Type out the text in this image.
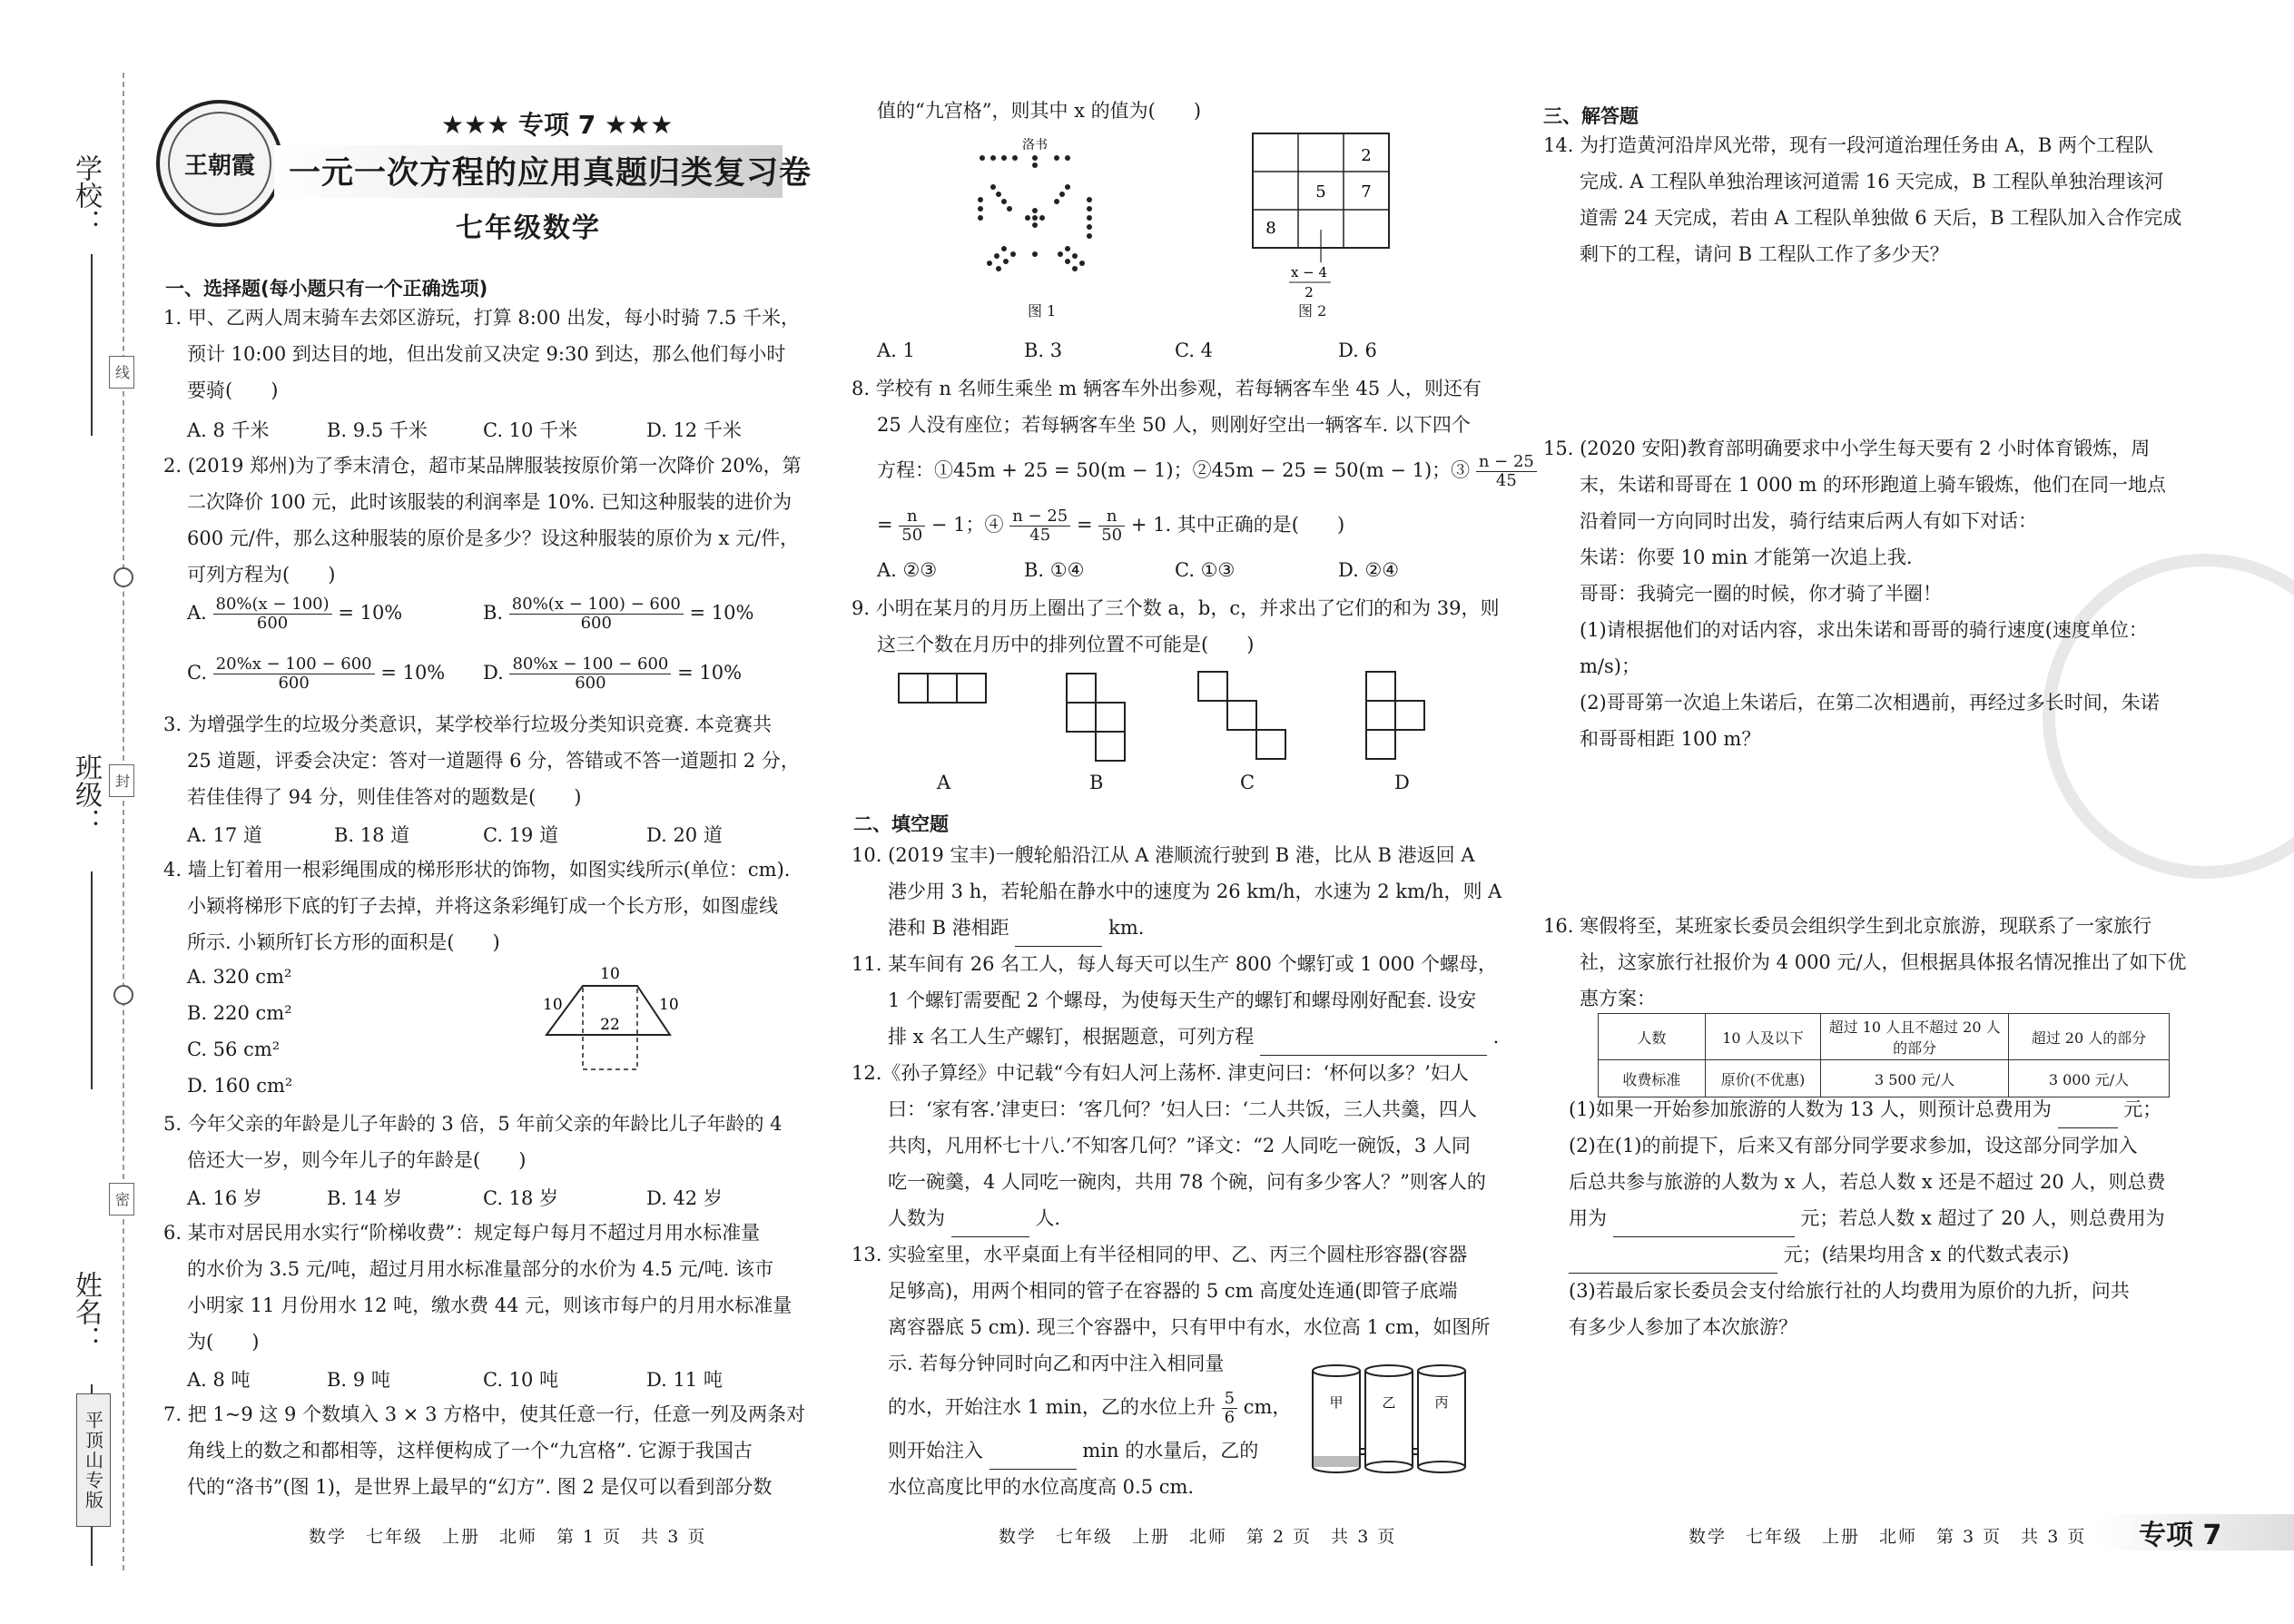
学校：
班级：
姓名：
线
封
密
平顶山专版
王朝霞
★★★ 专项 7 ★★★
一元一次方程的应用真题归类复习卷
七年级数学
一、选择题(每小题只有一个正确选项)
1. 甲、乙两人周末骑车去郊区游玩，打算 8:00 出发，每小时骑 7.5 千米，
预计 10:00 到达目的地，但出发前又决定 9:30 到达，那么他们每小时
要骑(　　)
A. 8 千米	B. 9.5 千米	C. 10 千米	D. 12 千米
2. (2019 郑州)为了季末清仓，超市某品牌服装按原价第一次降价 20%，第
二次降价 100 元，此时该服装的利润率是 10%. 已知这种服装的进价为
600 元/件，那么这种服装的原价是多少？设这种服装的原价为 x 元/件，
可列方程为(　　)
A. $\frac{80\%(x - 100)}{600} = 10\%$	B. $\frac{80\%(x - 100) - 600}{600} = 10\%$
C. $\frac{20\%x - 100 - 600}{600} = 10\%$ D. $\frac{80\%x - 100 - 600}{600} = 10\%$
3. 为增强学生的垃圾分类意识，某学校举行垃圾分类知识竞赛. 本竞赛共
25 道题，评委会决定：答对一道题得 6 分，答错或不答一道题扣 2 分，
若佳佳得了 94 分，则佳佳答对的题数是(　　)
A. 17 道	B. 18 道	C. 19 道	D. 20 道
4. 墙上钉着用一根彩绳围成的梯形形状的饰物，如图实线所示(单位：cm).
小颖将梯形下底的钉子去掉，并将这条彩绳钉成一个长方形，如图虚线
所示. 小颖所钉长方形的面积是(　　)
A. 320 cm²
B. 220 cm²
C. 56 cm²
D. 160 cm²
10
10	10
22
5. 今年父亲的年龄是儿子年龄的 3 倍，5 年前父亲的年龄比儿子年龄的 4
倍还大一岁，则今年儿子的年龄是(　　)
A. 16 岁	B. 14 岁	C. 18 岁	D. 42 岁
6. 某市对居民用水实行“阶梯收费”：规定每户每月不超过月用水标准量
的水价为 3.5 元/吨，超过月用水标准量部分的水价为 4.5 元/吨. 该市
小明家 11 月份用水 12 吨，缴水费 44 元，则该市每户的月用水标准量
为(　　)
A. 8 吨	B. 9 吨	C. 10 吨	D. 11 吨
7. 把 1~9 这 9 个数填入 3 × 3 方格中，使其任意一行，任意一列及两条对
角线上的数之和都相等，这样便构成了一个“九宫格”. 它源于我国古
代的“洛书”(图 1)，是世界上最早的“幻方”. 图 2 是仅可以看到部分数
数学　七年级　上册　北师　第 1 页　共 3 页
值的“九宫格”，则其中 x 的值为(　　)
洛书
图 1
2
5 7
8
x − 4
2
图 2
A. 1	B. 3	C. 4	D. 6
8. 学校有 n 名师生乘坐 m 辆客车外出参观，若每辆客车坐 45 人，则还有
25 人没有座位；若每辆客车坐 50 人，则刚好空出一辆客车. 以下四个
方程：①45m + 25 = 50(m − 1)；②45m − 25 = 50(m − 1)；③ $\frac{n - 25}{45}$
= $\frac{n}{50} - 1$；④ $\frac{n - 25}{45} = \frac{n}{50} + 1$. 其中正确的是(　　)
A. ②③	B. ①④	C. ①③	D. ②④
9. 小明在某月的月历上圈出了三个数 a，b，c，并求出了它们的和为 39，则
这三个数在月历中的排列位置不可能是(　　)
A	B	C	D
二、填空题
10. (2019 宝丰)一艘轮船沿江从 A 港顺流行驶到 B 港，比从 B 港返回 A
港少用 3 h，若轮船在静水中的速度为 26 km/h，水速为 2 km/h，则 A
港和 B 港相距	km.
11. 某车间有 26 名工人，每人每天可以生产 800 个螺钉或 1 000 个螺母，
1 个螺钉需要配 2 个螺母，为使每天生产的螺钉和螺母刚好配套. 设安
排 x 名工人生产螺钉，根据题意，可列方程	.
12.《孙子算经》中记载“今有妇人河上荡杯. 津吏问曰：‘杯何以多？’妇人
曰：‘家有客.’津吏曰：‘客几何？’妇人曰：‘二人共饭，三人共羹，四人
共肉，凡用杯七十八.’不知客几何？”译文：“2 人同吃一碗饭，3 人同
吃一碗羹，4 人同吃一碗肉，共用 78 个碗，问有多少客人？”则客人的
人数为	人.
13. 实验室里，水平桌面上有半径相同的甲、乙、丙三个圆柱形容器(容器
足够高)，用两个相同的管子在容器的 5 cm 高度处连通(即管子底端
离容器底 5 cm). 现三个容器中，只有甲中有水，水位高 1 cm，如图所
示. 若每分钟同时向乙和丙中注入相同量
的水，开始注水 1 min，乙的水位上升 $\frac{5}{6}$ cm，
则开始注入	min 的水量后，乙的
水位高度比甲的水位高度高 0.5 cm.
甲	乙	丙
数学　七年级　上册　北师　第 2 页　共 3 页
三、解答题
14. 为打造黄河沿岸风光带，现有一段河道治理任务由 A，B 两个工程队
完成. A 工程队单独治理该河道需 16 天完成，B 工程队单独治理该河
道需 24 天完成，若由 A 工程队单独做 6 天后，B 工程队加入合作完成
剩下的工程，请问 B 工程队工作了多少天？
15. (2020 安阳)教育部明确要求中小学生每天要有 2 小时体育锻炼，周
末，朱诺和哥哥在 1 000 m 的环形跑道上骑车锻炼，他们在同一地点
沿着同一方向同时出发，骑行结束后两人有如下对话：
朱诺：你要 10 min 才能第一次追上我.
哥哥：我骑完一圈的时候，你才骑了半圈！
(1)请根据他们的对话内容，求出朱诺和哥哥的骑行速度(速度单位：
m/s)；
(2)哥哥第一次追上朱诺后，在第二次相遇前，再经过多长时间，朱诺
和哥哥相距 100 m？
16. 寒假将至，某班家长委员会组织学生到北京旅游，现联系了一家旅行
社，这家旅行社报价为 4 000 元/人，但根据具体报名情况推出了如下优
惠方案：
人数	10 人及以下	超过 10 人且不超过 20 人的部分	超过 20 人的部分
收费标准	原价(不优惠)	3 500 元/人	3 000 元/人
(1)如果一开始参加旅游的人数为 13 人，则预计总费用为	元；
(2)在(1)的前提下，后来又有部分同学要求参加，设这部分同学加入
后总共参与旅游的人数为 x 人，若总人数 x 还是不超过 20 人，则总费
用为	元；若总人数 x 超过了 20 人，则总费用为
元；(结果均用含 x 的代数式表示)
(3)若最后家长委员会支付给旅行社的人均费用为原价的九折，问共
有多少人参加了本次旅游？
数学　七年级　上册　北师　第 3 页　共 3 页 专项 7
